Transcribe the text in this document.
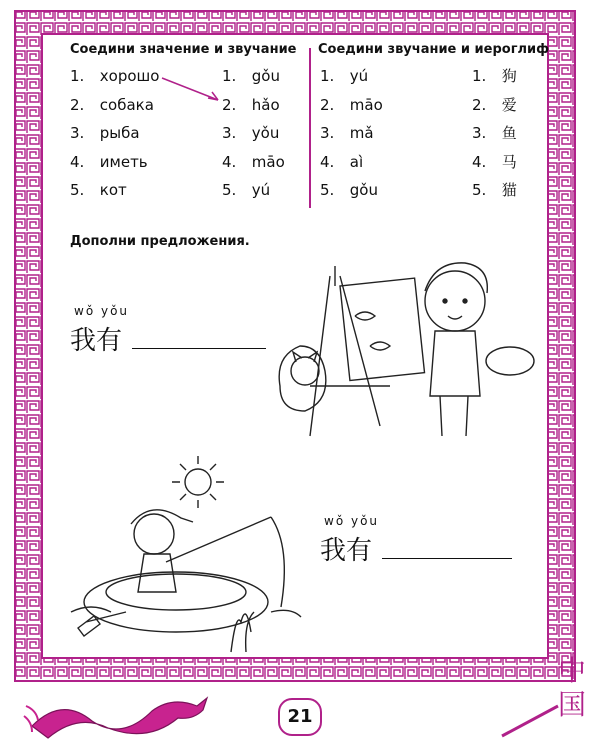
Соедини значение и звучание
1. хорошо
2. собака
3. рыба
4. иметь
5. кот
1. gǒu
2. hǎo
3. yǒu
4. māo
5. yú
Соедини звучание и иероглиф
1. yú
2. māo
3. mǎ
4. aì
5. gǒu
1. 狗
2. 爱
3. 鱼
4. 马
5. 猫
Дополни предложения.
wǒ yǒu
我有
wǒ yǒu
我有
21
中
国
